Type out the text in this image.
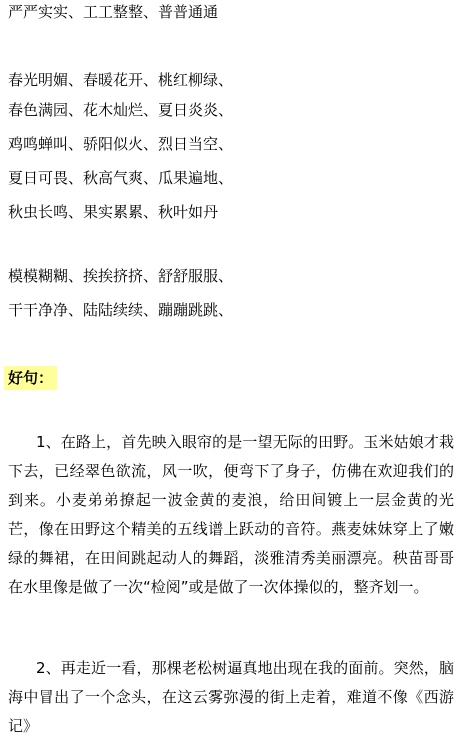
严严实实、工工整整、普普通通
春光明媚、春暖花开、桃红柳绿、
春色满园、花木灿烂、夏日炎炎、
鸡鸣蝉叫、骄阳似火、烈日当空、
夏日可畏、秋高气爽、瓜果遍地、
秋虫长鸣、果实累累、秋叶如丹
模模糊糊、挨挨挤挤、舒舒服服、
干干净净、陆陆续续、蹦蹦跳跳、
好句：

1、在路上，首先映入眼帘的是一望无际的田野。玉米姑娘才栽下去，已经翠色欲流，风一吹，便弯下了身子，仿佛在欢迎我们的到来。小麦弟弟撩起一波金黄的麦浪，给田间镀上一层金黄的光芒，像在田野这个精美的五线谱上跃动的音符。燕麦妹妹穿上了嫩绿的舞裙，在田间跳起动人的舞蹈，淡雅清秀美丽漂亮。秧苗哥哥在水里像是做了一次“检阅”或是做了一次体操似的，整齐划一。

2、再走近一看，那棵老松树逼真地出现在我的面前。突然，脑海中冒出了一个念头，在这云雾弥漫的街上走着，难道不像《西游记》
